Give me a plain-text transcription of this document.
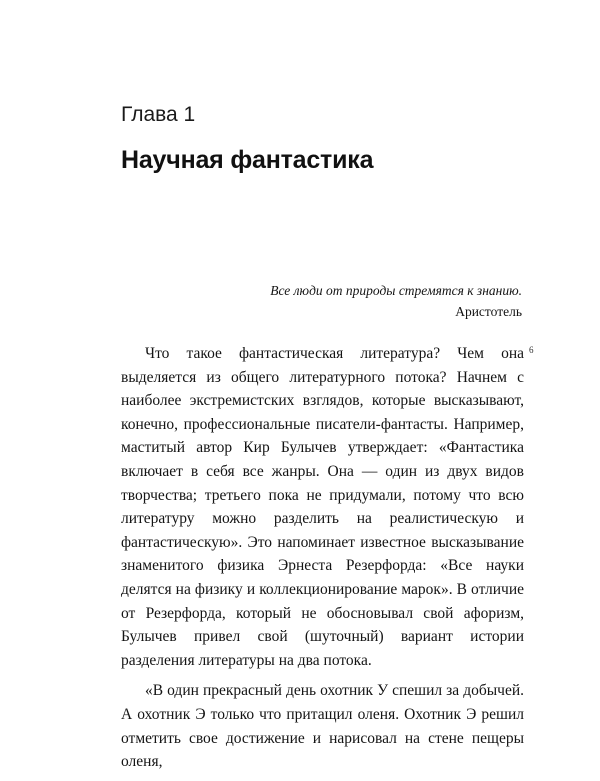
Глава 1
Научная фантастика
Все люди от природы стремятся к знанию.
Аристотель
6

Что такое фантастическая литература? Чем она выделяется из общего литературного потока? Начнем с наиболее экстремистских взглядов, которые высказывают, конечно, профессиональные писатели-фантасты. Например, маститый автор Кир Булычев утверждает: «Фантастика включает в себя все жанры. Она — один из двух видов творчества; третьего пока не придумали, потому что всю литературу можно разделить на реалистическую и фантастическую». Это напоминает известное высказывание знаменитого физика Эрнеста Резерфорда: «Все науки делятся на физику и коллекционирование марок». В отличие от Резерфорда, который не обосновывал свой афоризм, Булычев привел свой (шуточный) вариант истории разделения литературы на два потока.

«В один прекрасный день охотник У спешил за добычей. А охотник Э только что притащил оленя. Охотник Э решил отметить свое достижение и нарисовал на стене пещеры оленя,
